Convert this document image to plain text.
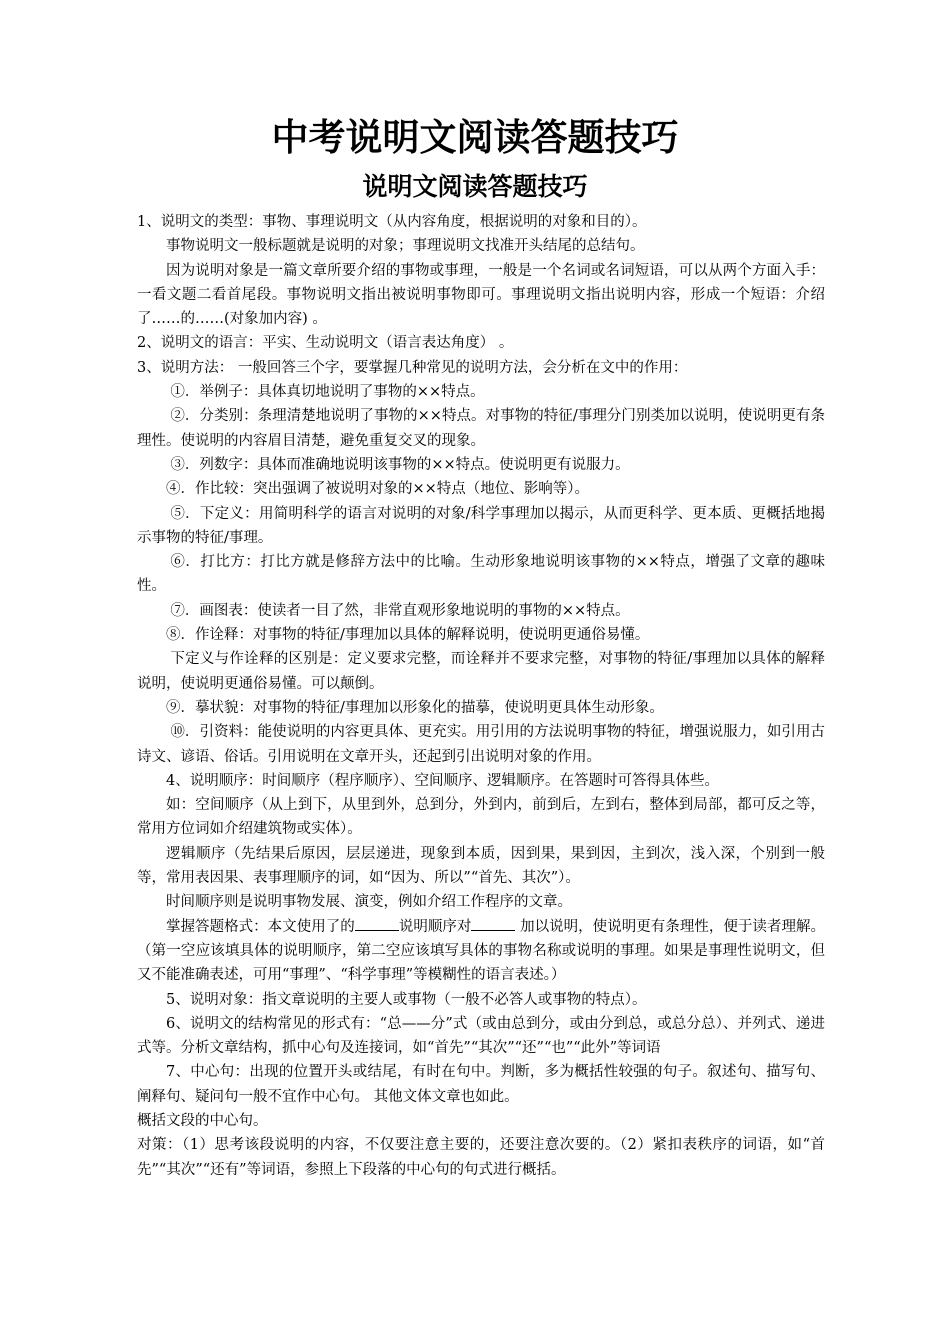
中考说明文阅读答题技巧
说明文阅读答题技巧

1、说明文的类型：事物、事理说明文（从内容角度，根据说明的对象和目的）。

事物说明文一般标题就是说明的对象；事理说明文找准开头结尾的总结句。

因为说明对象是一篇文章所要介绍的事物或事理，一般是一个名词或名词短语，可以从两个方面入手：一看文题二看首尾段。事物说明文指出被说明事物即可。事理说明文指出说明内容，形成一个短语：介绍了……的……(对象加内容) 。

2、说明文的语言：平实、生动说明文（语言表达角度） 。

3、说明方法： 一般回答三个字，要掌握几种常见的说明方法，会分析在文中的作用：

①．举例子：具体真切地说明了事物的××特点。

②．分类别：条理清楚地说明了事物的××特点。对事物的特征/事理分门别类加以说明，使说明更有条理性。使说明的内容眉目清楚，避免重复交叉的现象。

③．列数字：具体而准确地说明该事物的××特点。使说明更有说服力。

④．作比较：突出强调了被说明对象的××特点（地位、影响等）。

⑤．下定义：用简明科学的语言对说明的对象/科学事理加以揭示，从而更科学、更本质、更概括地揭示事物的特征/事理。

⑥．打比方：打比方就是修辞方法中的比喻。生动形象地说明该事物的××特点，增强了文章的趣味性。

⑦．画图表：使读者一目了然，非常直观形象地说明的事物的××特点。

⑧．作诠释：对事物的特征/事理加以具体的解释说明，使说明更通俗易懂。

下定义与作诠释的区别是：定义要求完整，而诠释并不要求完整，对事物的特征/事理加以具体的解释说明，使说明更通俗易懂。可以颠倒。

⑨．摹状貌：对事物的特征/事理加以形象化的描摹，使说明更具体生动形象。

⑩．引资料：能使说明的内容更具体、更充实。用引用的方法说明事物的特征，增强说服力，如引用古诗文、谚语、俗话。引用说明在文章开头，还起到引出说明对象的作用。

4、说明顺序：时间顺序（程序顺序）、空间顺序、逻辑顺序。在答题时可答得具体些。

如：空间顺序（从上到下，从里到外，总到分，外到内，前到后，左到右，整体到局部，都可反之等，常用方位词如介绍建筑物或实体）。

逻辑顺序（先结果后原因，层层递进，现象到本质，因到果，果到因，主到次，浅入深，个别到一般等，常用表因果、表事理顺序的词，如“因为、所以”“首先、其次”）。

时间顺序则是说明事物发展、演变，例如介绍工作程序的文章。

掌握答题格式：本文使用了的	说明顺序对	加以说明，使说明更有条理性，便于读者理解。（第一空应该填具体的说明顺序，第二空应该填写具体的事物名称或说明的事理。如果是事理性说明文，但又不能准确表述，可用“事理”、“科学事理”等模糊性的语言表述。）

5、说明对象：指文章说明的主要人或事物（一般不必答人或事物的特点）。

6、说明文的结构常见的形式有：“总——分”式（或由总到分，或由分到总，或总分总）、并列式、递进式等。分析文章结构，抓中心句及连接词，如“首先”“其次”“还”“也”“此外”等词语

7、中心句：出现的位置开头或结尾，有时在句中。判断，多为概括性较强的句子。叙述句、描写句、阐释句、疑问句一般不宜作中心句。 其他文体文章也如此。

概括文段的中心句。

对策：（1）思考该段说明的内容，不仅要注意主要的，还要注意次要的。（2）紧扣表秩序的词语，如“首先”“其次”“还有”等词语，参照上下段落的中心句的句式进行概括。
